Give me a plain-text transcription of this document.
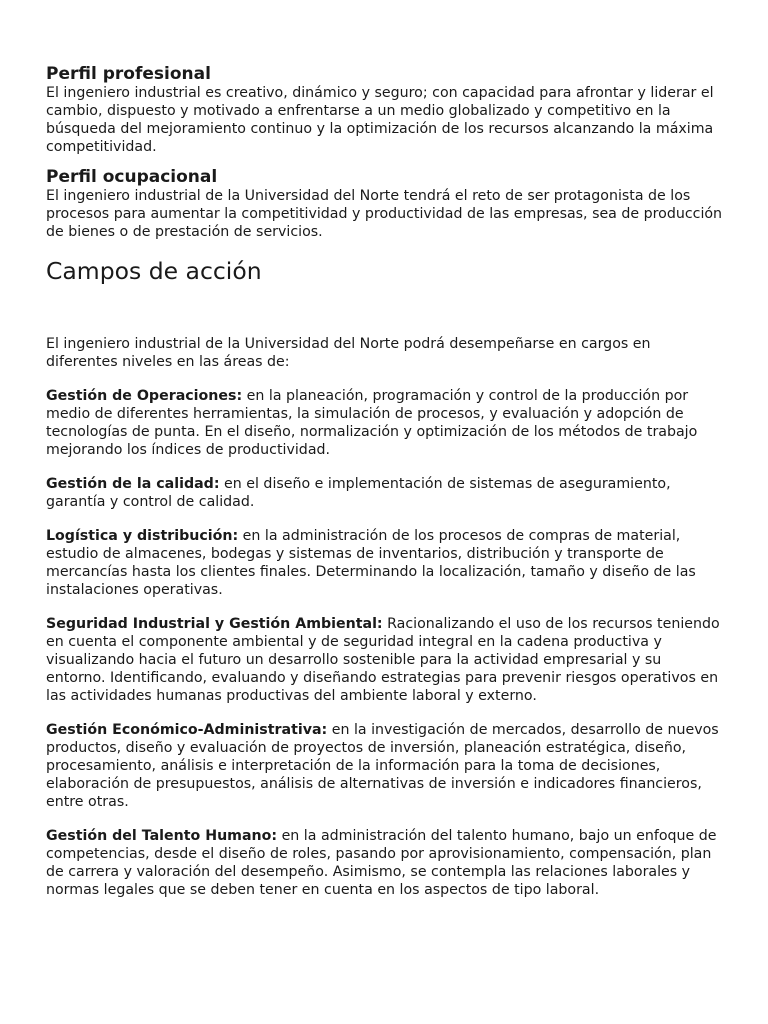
Perfil profesional

El ingeniero industrial es creativo, dinámico y seguro; con capacidad para afrontar y liderar el cambio, dispuesto y motivado a enfrentarse a un medio globalizado y competitivo en la búsqueda del mejoramiento continuo y la optimización de los recursos alcanzando la máxima competitividad.

Perfil ocupacional

El ingeniero industrial de la Universidad del Norte tendrá el reto de ser protagonista de los procesos para aumentar la competitividad y productividad de las empresas, sea de producción de bienes o de prestación de servicios.

Campos de acción

El ingeniero industrial de la Universidad del Norte podrá desempeñarse en cargos en diferentes niveles en las áreas de:

Gestión de Operaciones: en la planeación, programación y control de la producción por medio de diferentes herramientas, la simulación de procesos, y evaluación y adopción de tecnologías de punta. En el diseño, normalización y optimización de los métodos de trabajo mejorando los índices de productividad.

Gestión de la calidad: en el diseño e implementación de sistemas de aseguramiento, garantía y control de calidad.

Logística y distribución: en la administración de los procesos de compras de material, estudio de almacenes, bodegas y sistemas de inventarios, distribución y transporte de mercancías hasta los clientes finales. Determinando la localización, tamaño y diseño de las instalaciones operativas.

Seguridad Industrial y Gestión Ambiental: Racionalizando el uso de los recursos teniendo en cuenta el componente ambiental y de seguridad integral en la cadena productiva y visualizando hacia el futuro un desarrollo sostenible para la actividad empresarial y su entorno. Identificando, evaluando y diseñando estrategias para prevenir riesgos operativos en las actividades humanas productivas del ambiente laboral y externo.

Gestión Económico-Administrativa: en la investigación de mercados, desarrollo de nuevos productos, diseño y evaluación de proyectos de inversión, planeación estratégica, diseño, procesamiento, análisis e interpretación de la información para la toma de decisiones, elaboración de presupuestos, análisis de alternativas de inversión e indicadores financieros, entre otras.

Gestión del Talento Humano: en la administración del talento humano, bajo un enfoque de competencias, desde el diseño de roles, pasando por aprovisionamiento, compensación, plan de carrera y valoración del desempeño. Asimismo, se contempla las relaciones laborales y normas legales que se deben tener en cuenta en los aspectos de tipo laboral.
